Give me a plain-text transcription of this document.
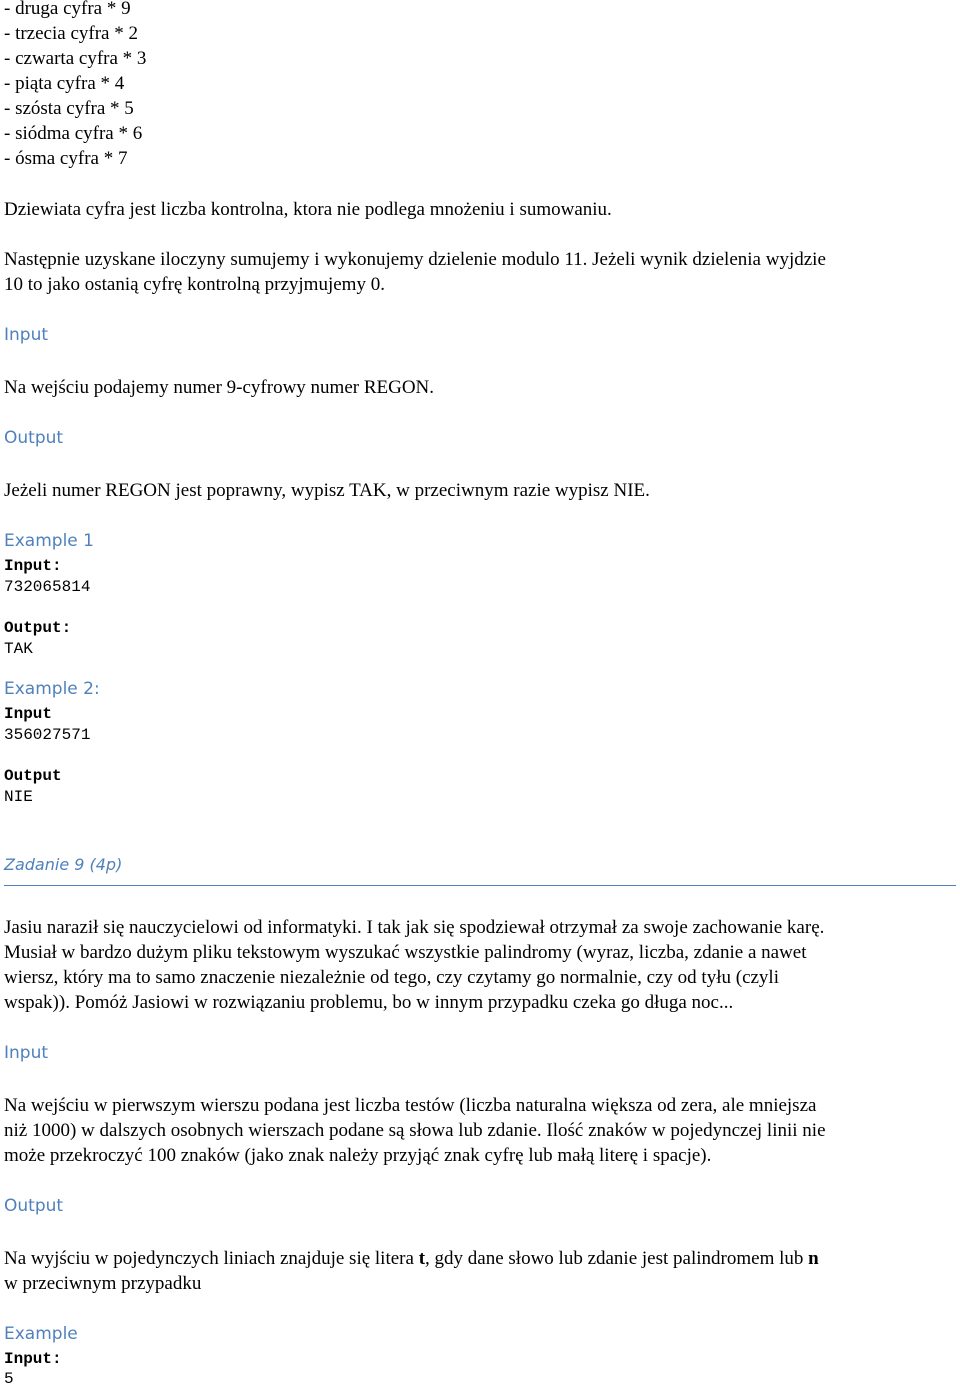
- druga cyfra * 9
- trzecia cyfra * 2
- czwarta cyfra * 3
- piąta cyfra * 4
- szósta cyfra * 5
- siódma cyfra * 6
- ósma cyfra * 7
Dziewiata cyfra jest liczba kontrolna, ktora nie podlega mnożeniu i sumowaniu.
Następnie uzyskane iloczyny sumujemy i wykonujemy dzielenie modulo 11. Jeżeli wynik dzielenia wyjdzie
10 to jako ostanią cyfrę kontrolną przyjmujemy 0.
Input
Na wejściu podajemy numer 9-cyfrowy numer REGON.
Output
Jeżeli numer REGON jest poprawny, wypisz TAK, w przeciwnym razie wypisz NIE.
Example 1
Input:
732065814
Output:
TAK
Example 2:
Input
356027571
Output
NIE
Zadanie 9 (4p)
Jasiu naraził się nauczycielowi od informatyki. I tak jak się spodziewał otrzymał za swoje zachowanie karę.
Musiał w bardzo dużym pliku tekstowym wyszukać wszystkie palindromy (wyraz, liczba, zdanie a nawet
wiersz, który ma to samo znaczenie niezależnie od tego, czy czytamy go normalnie, czy od tyłu (czyli
wspak)). Pomóż Jasiowi w rozwiązaniu problemu, bo w innym przypadku czeka go długa noc...
Input
Na wejściu w pierwszym wierszu podana jest liczba testów (liczba naturalna większa od zera, ale mniejsza
niż 1000) w dalszych osobnych wierszach podane są słowa lub zdanie. Ilość znaków w pojedynczej linii nie
może przekroczyć 100 znaków (jako znak należy przyjąć znak cyfrę lub małą literę i spacje).
Output
Na wyjściu w pojedynczych liniach znajduje się litera t, gdy dane słowo lub zdanie jest palindromem lub n
w przeciwnym przypadku
Example
Input:
5
